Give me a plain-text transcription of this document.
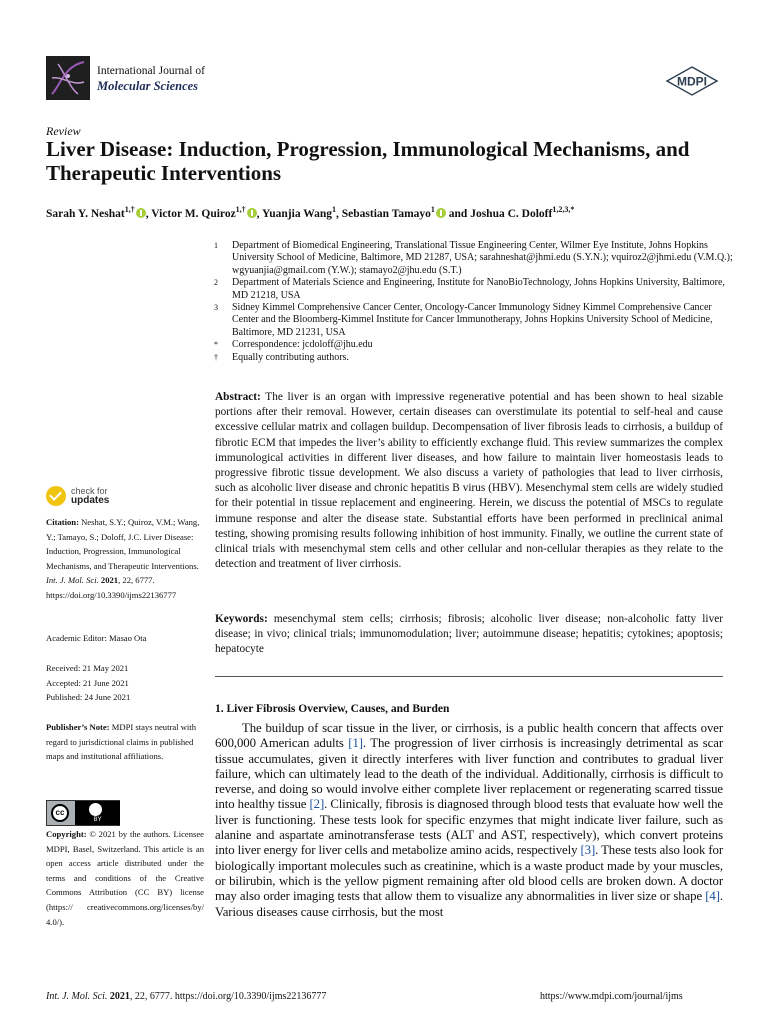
International Journal of
Molecular Sciences	MDPI
Review
Liver Disease: Induction, Progression, Immunological Mechanisms, and Therapeutic Interventions
Sarah Y. Neshat$^{1,\dagger}$ , Victor M. Quiroz$^{1,\dagger}$ , Yuanjia Wang$^1$, Sebastian Tamayo$^1$ and Joshua C. Doloff$^{1,2,3,*}$
1	Department of Biomedical Engineering, Translational Tissue Engineering Center, Wilmer Eye Institute, Johns Hopkins University School of Medicine, Baltimore, MD 21287, USA; sarahneshat@jhmi.edu (S.Y.N.); vquiroz2@jhmi.edu (V.M.Q.); wgyuanjia@gmail.com (Y.W.); stamayo2@jhu.edu (S.T.)
2	Department of Materials Science and Engineering, Institute for NanoBioTechnology, Johns Hopkins University, Baltimore, MD 21218, USA
3	Sidney Kimmel Comprehensive Cancer Center, Oncology-Cancer Immunology Sidney Kimmel Comprehensive Cancer Center and the Bloomberg-Kimmel Institute for Cancer Immunotherapy, Johns Hopkins University School of Medicine, Baltimore, MD 21231, USA
*	Correspondence: jcdoloff@jhu.edu
†	Equally contributing authors.
Abstract: The liver is an organ with impressive regenerative potential and has been shown to heal sizable portions after their removal. However, certain diseases can overstimulate its potential to self-heal and cause excessive cellular matrix and collagen buildup. Decompensation of liver fibrosis leads to cirrhosis, a buildup of fibrotic ECM that impedes the liver’s ability to efficiently exchange fluid. This review summarizes the complex immunological activities in different liver diseases, and how failure to maintain liver homeostasis leads to progressive fibrotic tissue development. We also discuss a variety of pathologies that lead to liver cirrhosis, such as alcoholic liver disease and chronic hepatitis B virus (HBV). Mesenchymal stem cells are widely studied for their potential in tissue replacement and engineering. Herein, we discuss the potential of MSCs to regulate immune response and alter the disease state. Substantial efforts have been performed in preclinical animal testing, showing promising results following inhibition of host immunity. Finally, we outline the current state of clinical trials with mesenchymal stem cells and other cellular and non-cellular therapies as they relate to the detection and treatment of liver cirrhosis.
Keywords: mesenchymal stem cells; cirrhosis; fibrosis; alcoholic liver disease; non-alcoholic fatty liver disease; in vivo; clinical trials; immunomodulation; liver; autoimmune disease; hepatitis; cytokines; apoptosis; hepatocyte
check for
updates
Citation: Neshat, S.Y.; Quiroz, V.M.; Wang, Y.; Tamayo, S.; Doloff, J.C. Liver Disease: Induction, Progression, Immunological Mechanisms, and Therapeutic Interventions. Int. J. Mol. Sci. 2021, 22, 6777. https://doi.org/10.3390/ijms22136777
Academic Editor: Masao Ota
Received: 21 May 2021
Accepted: 21 June 2021
Published: 24 June 2021
Publisher’s Note: MDPI stays neutral with regard to jurisdictional claims in published maps and institutional affiliations.
cc
BY
Copyright: © 2021 by the authors. Licensee MDPI, Basel, Switzerland. This article is an open access article distributed under the terms and conditions of the Creative Commons Attribution (CC BY) license (https:// creativecommons.org/licenses/by/ 4.0/).
1. Liver Fibrosis Overview, Causes, and Burden
The buildup of scar tissue in the liver, or cirrhosis, is a public health concern that affects over 600,000 American adults [1]. The progression of liver cirrhosis is increasingly detrimental as scar tissue accumulates, given it directly interferes with liver function and contributes to gradual liver failure, which can ultimately lead to the death of the individual. Additionally, cirrhosis is difficult to reverse, and doing so would involve either complete liver replacement or regenerating scarred tissue into healthy tissue [2]. Clinically, fibrosis is diagnosed through blood tests that evaluate how well the liver is functioning. These tests look for specific enzymes that might indicate liver failure, such as alanine and aspartate aminotransferase tests (ALT and AST, respectively), which convert proteins into liver energy for liver cells and metabolize amino acids, respectively [3]. These tests also look for biologically important molecules such as creatinine, which is a waste product made by your muscles, or bilirubin, which is the yellow pigment remaining after old blood cells are broken down. A doctor may also order imaging tests that allow them to visualize any abnormalities in liver size or shape [4]. Various diseases cause cirrhosis, but the most
Int. J. Mol. Sci. 2021, 22, 6777. https://doi.org/10.3390/ijms22136777	https://www.mdpi.com/journal/ijms
